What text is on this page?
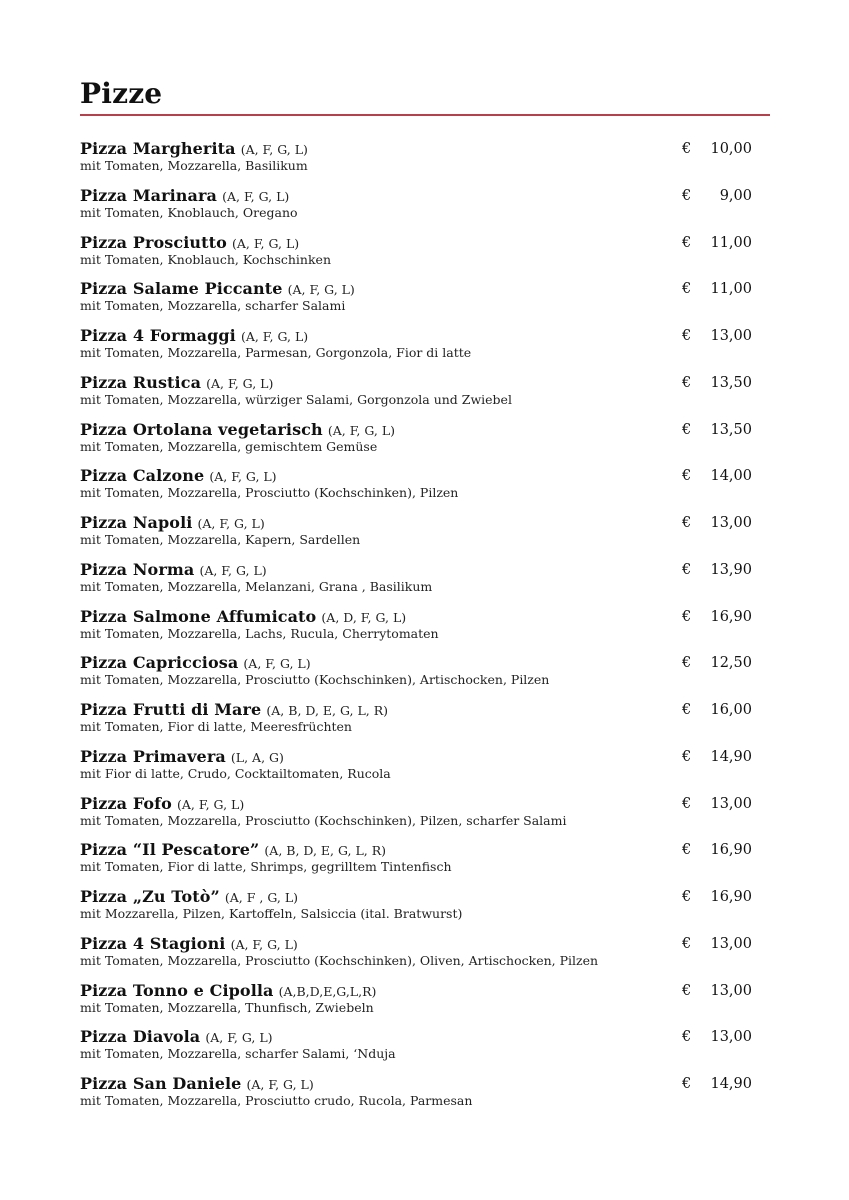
Pizze
Pizza Margherita (A, F, G, L)
mit Tomaten, Mozzarella, Basilikum
€	10,00
Pizza Marinara (A, F, G, L)
mit Tomaten, Knoblauch, Oregano
€	9,00
Pizza Prosciutto (A, F, G, L)
mit Tomaten, Knoblauch, Kochschinken
€	11,00
Pizza Salame Piccante (A, F, G, L)
mit Tomaten, Mozzarella, scharfer Salami
€	11,00
Pizza 4 Formaggi (A, F, G, L)
mit Tomaten, Mozzarella, Parmesan, Gorgonzola, Fior di latte
€	13,00
Pizza Rustica (A, F, G, L)
mit Tomaten, Mozzarella, würziger Salami, Gorgonzola und Zwiebel
€	13,50
Pizza Ortolana vegetarisch (A, F, G, L)
mit Tomaten, Mozzarella, gemischtem Gemüse
€	13,50
Pizza Calzone (A, F, G, L)
mit Tomaten, Mozzarella, Prosciutto (Kochschinken), Pilzen
€	14,00
Pizza Napoli (A, F, G, L)
mit Tomaten, Mozzarella, Kapern, Sardellen
€	13,00
Pizza Norma (A, F, G, L)
mit Tomaten, Mozzarella, Melanzani, Grana , Basilikum
€	13,90
Pizza Salmone Affumicato (A, D, F, G, L)
mit Tomaten, Mozzarella, Lachs, Rucula, Cherrytomaten
€	16,90
Pizza Capricciosa (A, F, G, L)
mit Tomaten, Mozzarella, Prosciutto (Kochschinken), Artischocken, Pilzen
€	12,50
Pizza Frutti di Mare (A, B, D, E, G, L, R)
mit Tomaten, Fior di latte, Meeresfrüchten
€	16,00
Pizza Primavera (L, A, G)
mit Fior di latte, Crudo, Cocktailtomaten, Rucola
€	14,90
Pizza Fofo (A, F, G, L)
mit Tomaten, Mozzarella, Prosciutto (Kochschinken), Pilzen, scharfer Salami
€	13,00
Pizza “Il Pescatore” (A, B, D, E, G, L, R)
mit Tomaten, Fior di latte, Shrimps, gegrilltem Tintenfisch
€	16,90
Pizza „Zu Totò” (A, F , G, L)
mit Mozzarella, Pilzen, Kartoffeln, Salsiccia (ital. Bratwurst)
€	16,90
Pizza 4 Stagioni (A, F, G, L)
mit Tomaten, Mozzarella, Prosciutto (Kochschinken), Oliven, Artischocken, Pilzen
€	13,00
Pizza Tonno e Cipolla (A,B,D,E,G,L,R)
mit Tomaten, Mozzarella, Thunfisch, Zwiebeln
€	13,00
Pizza Diavola (A, F, G, L)
mit Tomaten, Mozzarella, scharfer Salami, ‘Nduja
€	13,00
Pizza San Daniele (A, F, G, L)
mit Tomaten, Mozzarella, Prosciutto crudo, Rucola, Parmesan
€	14,90
